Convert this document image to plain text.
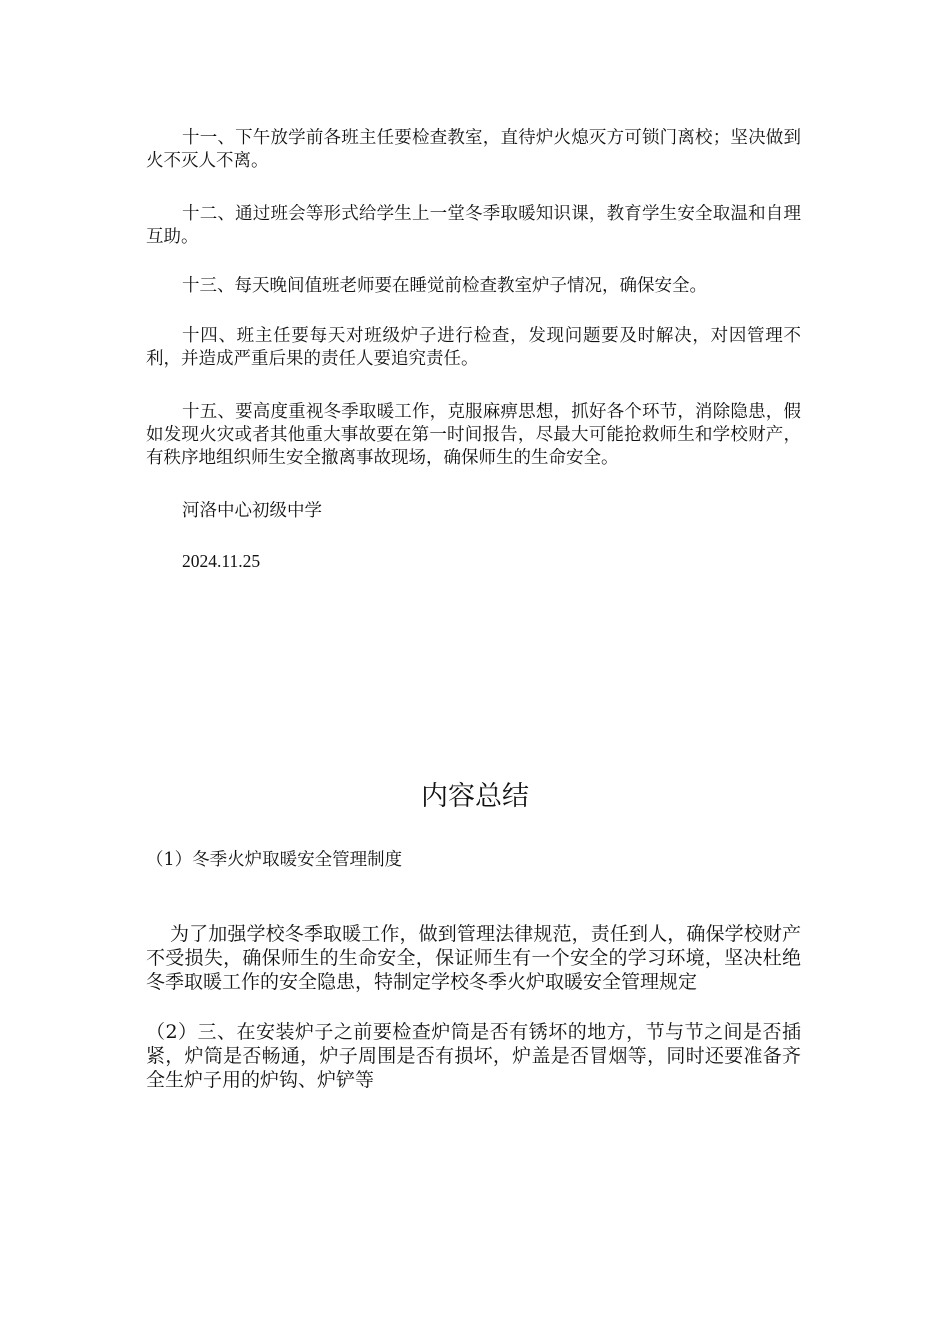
十一、下午放学前各班主任要检查教室，直待炉火熄灭方可锁门离校；坚决做到火不灭人不离。

十二、通过班会等形式给学生上一堂冬季取暖知识课，教育学生安全取温和自理互助。

十三、每天晚间值班老师要在睡觉前检查教室炉子情况，确保安全。

十四、班主任要每天对班级炉子进行检查，发现问题要及时解决，对因管理不利，并造成严重后果的责任人要追究责任。

十五、要高度重视冬季取暖工作，克服麻痹思想，抓好各个环节，消除隐患，假如发现火灾或者其他重大事故要在第一时间报告，尽最大可能抢救师生和学校财产，有秩序地组织师生安全撤离事故现场，确保师生的生命安全。

河洛中心初级中学

2024.11.25

内容总结

（1）冬季火炉取暖安全管理制度

为了加强学校冬季取暖工作，做到管理法律规范，责任到人，确保学校财产不受损失，确保师生的生命安全，保证师生有一个安全的学习环境，坚决杜绝冬季取暖工作的安全隐患，特制定学校冬季火炉取暖安全管理规定

（2）三、在安装炉子之前要检查炉筒是否有锈坏的地方，节与节之间是否插紧，炉筒是否畅通，炉子周围是否有损坏，炉盖是否冒烟等，同时还要准备齐全生炉子用的炉钩、炉铲等
